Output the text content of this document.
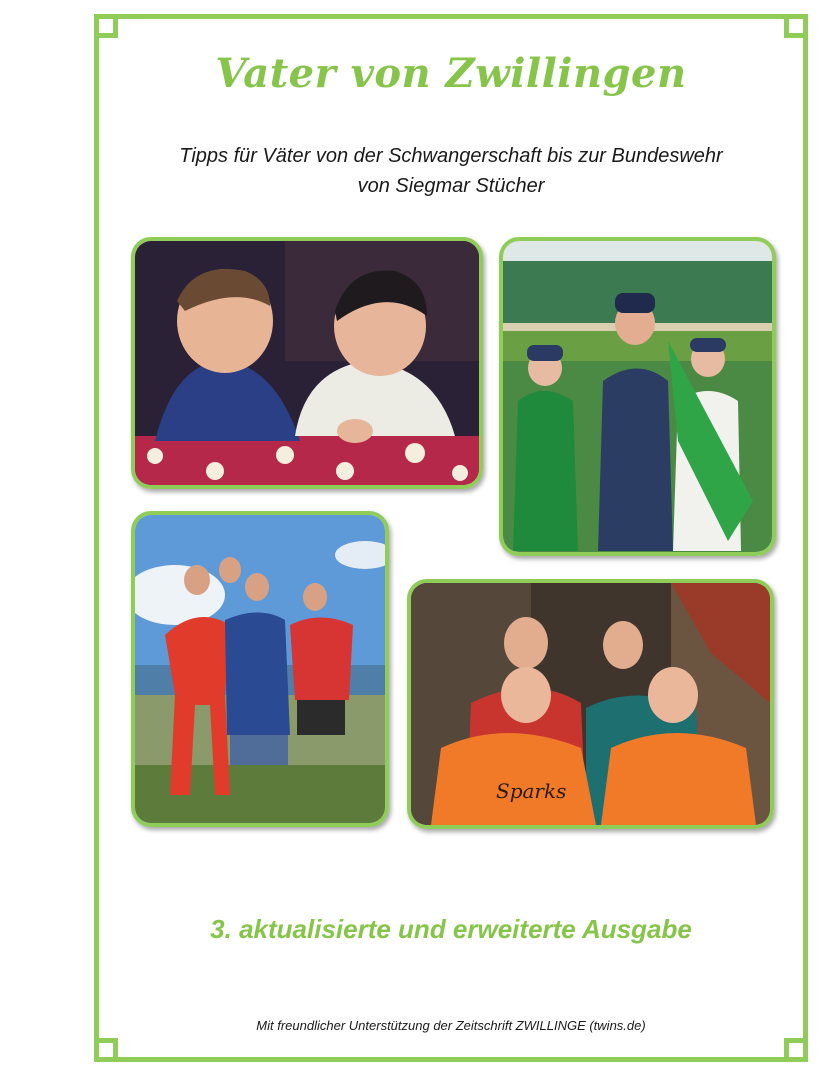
Vater von Zwillingen
Tipps für Väter von der Schwangerschaft bis zur Bundeswehr
von Siegmar Stücher
Sparks
3. aktualisierte und erweiterte Ausgabe
Mit freundlicher Unterstützung der Zeitschrift ZWILLINGE (twins.de)
